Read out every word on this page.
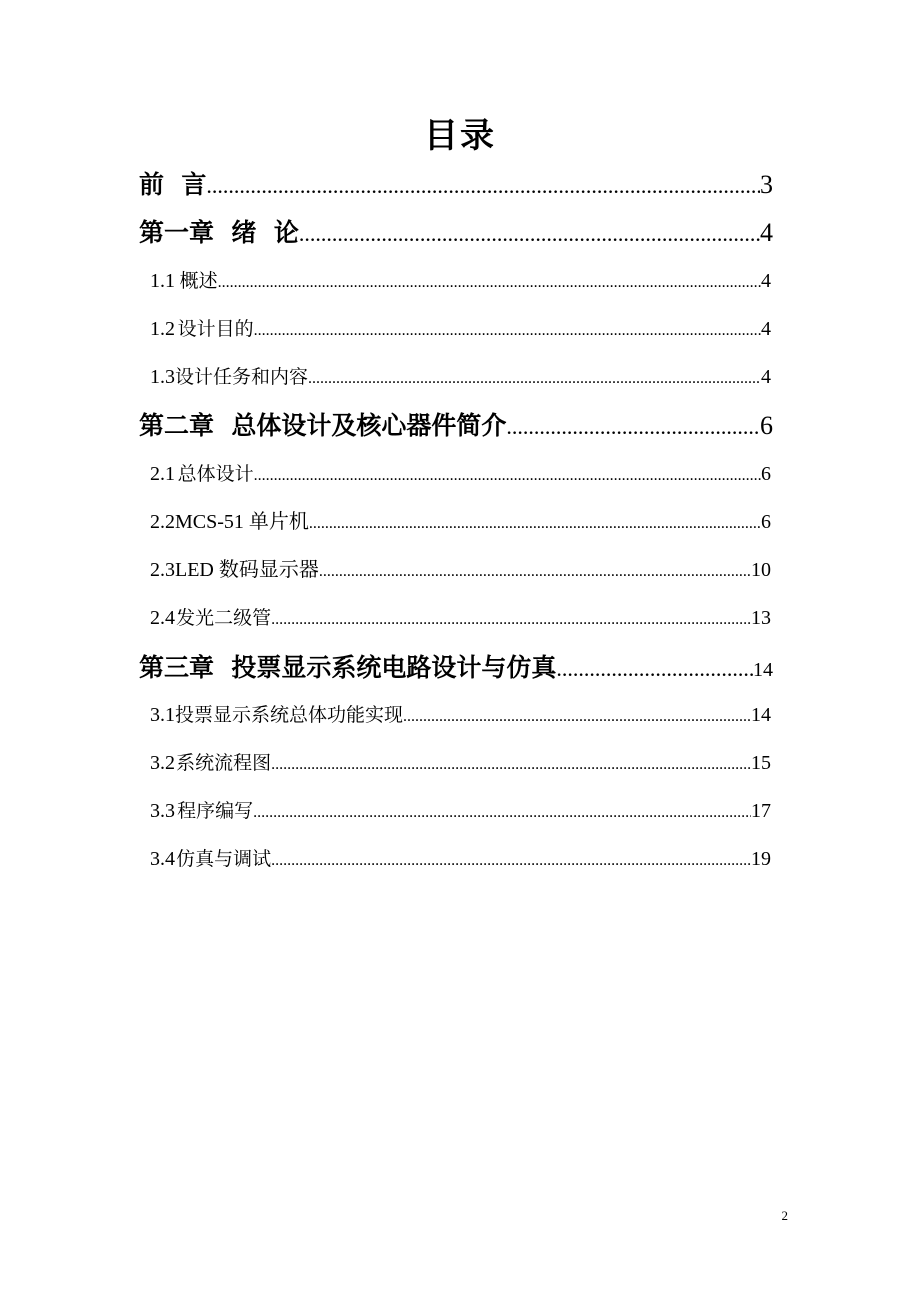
目录
前  言 .....	3
第一章  绪  论 .....	4
1.1 概述 .....	4
1.2 设计目的 .....	4
1.3 设计任务和内容 .....	4
第二章  总体设计及核心器件简介 .....	6
2.1 总体设计 .....	6
2.2 MCS-51 单片机 .....	6
2.3 LED 数码显示器 .....	10
2.4 发光二级管 .....	13
第三章  投票显示系统电路设计与仿真 .....	14
3.1 投票显示系统总体功能实现 .....	14
3.2 系统流程图 .....	15
3.3 程序编写 .....	17
3.4 仿真与调试 .....	19
2
